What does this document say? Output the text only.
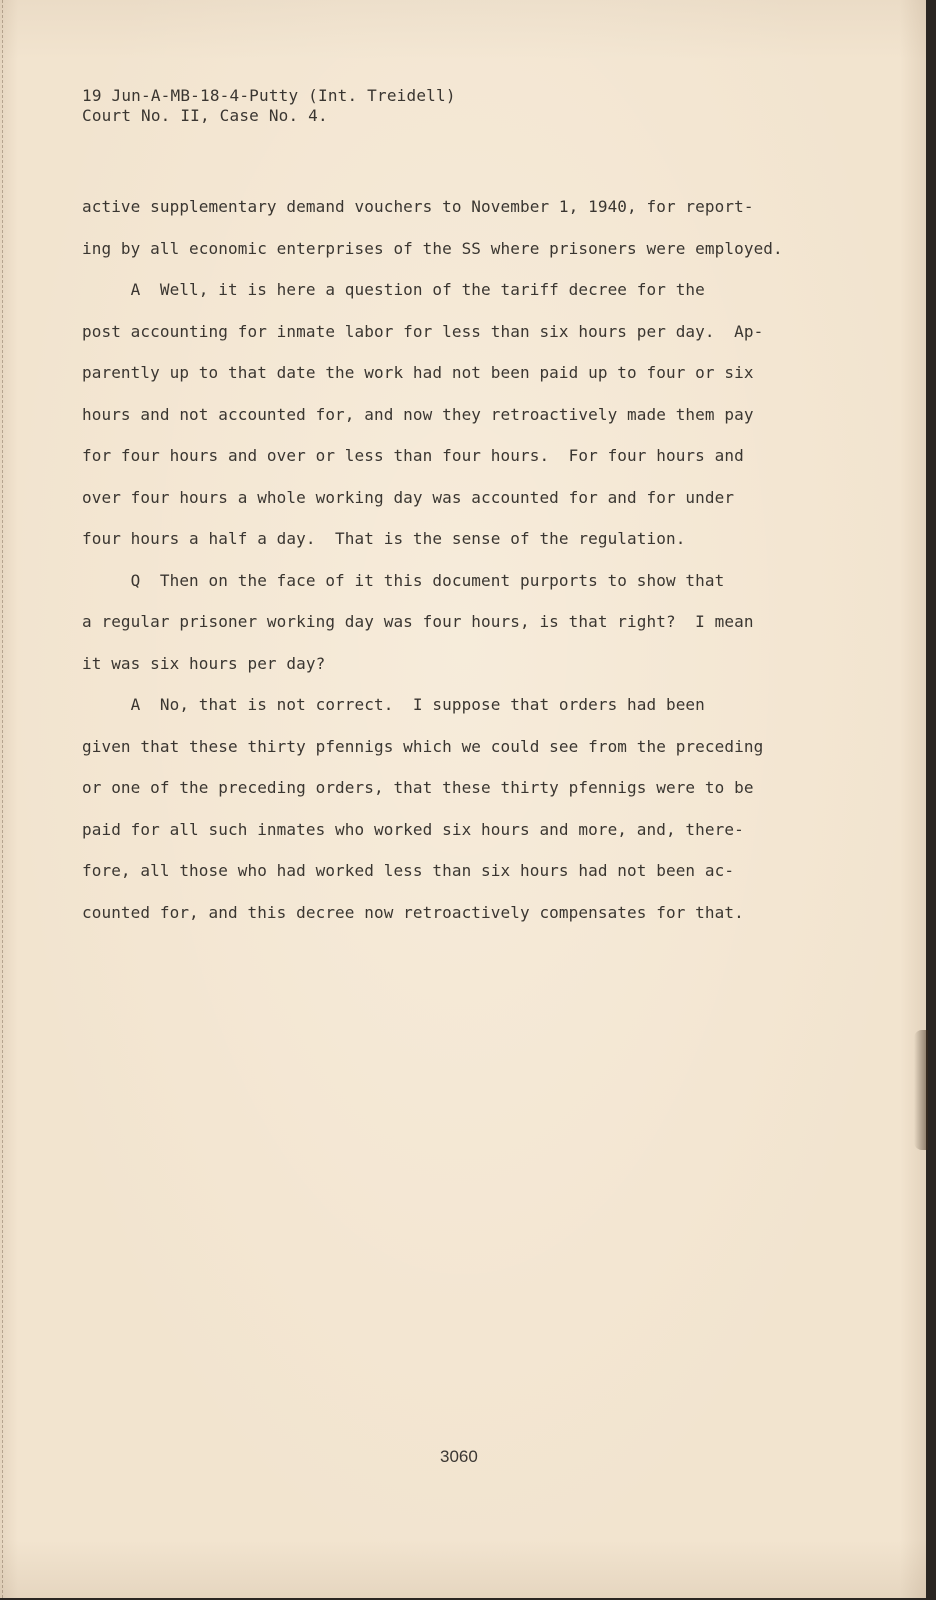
19 Jun-A-MB-18-4-Putty (Int. Treidell)
Court No. II, Case No. 4.
active supplementary demand vouchers to November 1, 1940, for report-
ing by all economic enterprises of the SS where prisoners were employed.
A  Well, it is here a question of the tariff decree for the
post accounting for inmate labor for less than six hours per day.  Ap-
parently up to that date the work had not been paid up to four or six
hours and not accounted for, and now they retroactively made them pay
for four hours and over or less than four hours.  For four hours and
over four hours a whole working day was accounted for and for under
four hours a half a day.  That is the sense of the regulation.
Q  Then on the face of it this document purports to show that
a regular prisoner working day was four hours, is that right?  I mean
it was six hours per day?
A  No, that is not correct.  I suppose that orders had been
given that these thirty pfennigs which we could see from the preceding
or one of the preceding orders, that these thirty pfennigs were to be
paid for all such inmates who worked six hours and more, and, there-
fore, all those who had worked less than six hours had not been ac-
counted for, and this decree now retroactively compensates for that.
3060
